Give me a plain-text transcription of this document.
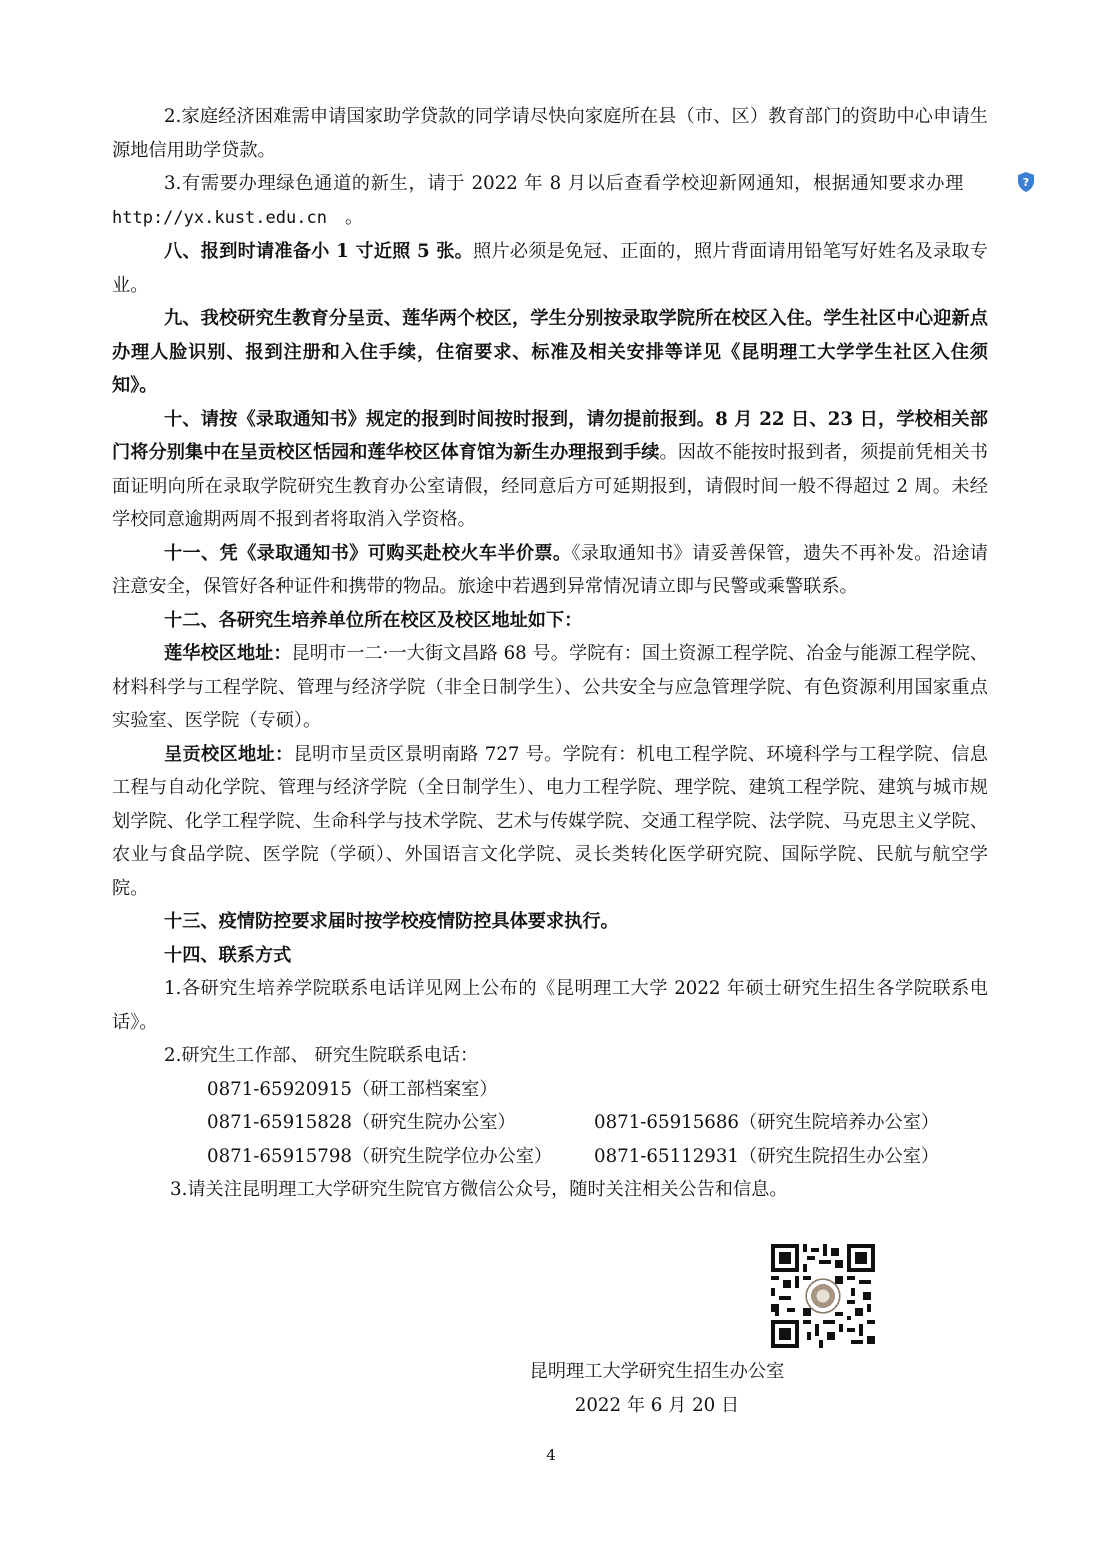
2.家庭经济困难需申请国家助学贷款的同学请尽快向家庭所在县（市、区）教育部门的资助中心申请生源地信用助学贷款。

3.有需要办理绿色通道的新生，请于 2022 年 8 月以后查看学校迎新网通知，根据通知要求办理	?
http://yx.kust.edu.cn 。

八、报到时请准备小 1 寸近照 5 张。照片必须是免冠、正面的，照片背面请用铅笔写好姓名及录取专业。

九、我校研究生教育分呈贡、莲华两个校区，学生分别按录取学院所在校区入住。学生社区中心迎新点办理人脸识别、报到注册和入住手续，住宿要求、标准及相关安排等详见《昆明理工大学学生社区入住须知》。

十、请按《录取通知书》规定的报到时间按时报到，请勿提前报到。8 月 22 日、23 日，学校相关部门将分别集中在呈贡校区恬园和莲华校区体育馆为新生办理报到手续。因故不能按时报到者，须提前凭相关书面证明向所在录取学院研究生教育办公室请假，经同意后方可延期报到，请假时间一般不得超过 2 周。未经学校同意逾期两周不报到者将取消入学资格。

十一、凭《录取通知书》可购买赴校火车半价票。《录取通知书》请妥善保管，遗失不再补发。沿途请注意安全，保管好各种证件和携带的物品。旅途中若遇到异常情况请立即与民警或乘警联系。

十二、各研究生培养单位所在校区及校区地址如下：

莲华校区地址：昆明市一二·一大街文昌路 68 号。学院有：国土资源工程学院、冶金与能源工程学院、材料科学与工程学院、管理与经济学院（非全日制学生）、公共安全与应急管理学院、有色资源利用国家重点实验室、医学院（专硕）。

呈贡校区地址：昆明市呈贡区景明南路 727 号。学院有：机电工程学院、环境科学与工程学院、信息工程与自动化学院、管理与经济学院（全日制学生）、电力工程学院、理学院、建筑工程学院、建筑与城市规划学院、化学工程学院、生命科学与技术学院、艺术与传媒学院、交通工程学院、法学院、马克思主义学院、农业与食品学院、医学院（学硕）、外国语言文化学院、灵长类转化医学研究院、国际学院、民航与航空学院。

十三、疫情防控要求届时按学校疫情防控具体要求执行。

十四、联系方式

1.各研究生培养学院联系电话详见网上公布的《昆明理工大学 2022 年硕士研究生招生各学院联系电话》。

2.研究生工作部、 研究生院联系电话：

0871-65920915（研工部档案室）

0871-65915828（研究生院办公室）	0871-65915686（研究生院培养办公室）

0871-65915798（研究生院学位办公室）	0871-65112931（研究生院招生办公室）

3.请关注昆明理工大学研究生院官方微信公众号，随时关注相关公告和信息。

昆明理工大学研究生招生办公室
2022 年 6 月 20 日
4
